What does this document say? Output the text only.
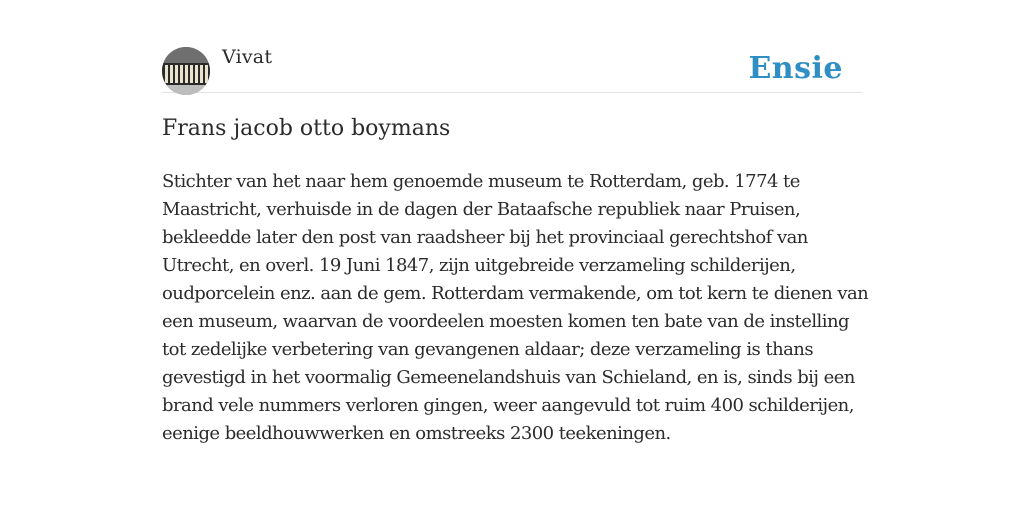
Vivat	Ensie
Frans jacob otto boymans
Stichter van het naar hem genoemde museum te Rotterdam, geb. 1774 te
Maastricht, verhuisde in de dagen der Bataafsche republiek naar Pruisen,
bekleedde later den post van raadsheer bij het provinciaal gerechtshof van
Utrecht, en overl. 19 Juni 1847, zijn uitgebreide verzameling schilderijen,
oudporcelein enz. aan de gem. Rotterdam vermakende, om tot kern te dienen van
een museum, waarvan de voordeelen moesten komen ten bate van de instelling
tot zedelijke verbetering van gevangenen aldaar; deze verzameling is thans
gevestigd in het voormalig Gemeenelandshuis van Schieland, en is, sinds bij een
brand vele nummers verloren gingen, weer aangevuld tot ruim 400 schilderijen,
eenige beeldhouwwerken en omstreeks 2300 teekeningen.
